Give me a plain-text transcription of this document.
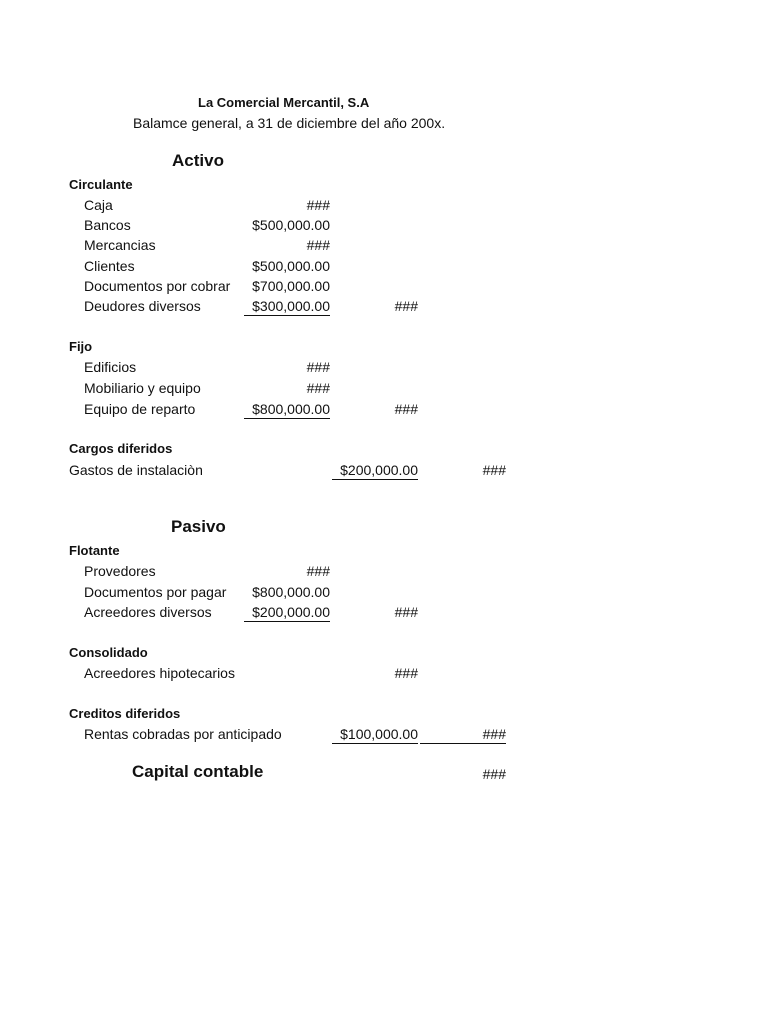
La Comercial Mercantil, S.A
Balamce general, a 31 de diciembre del año 200x.
Activo
Circulante
Caja	###
Bancos	$500,000.00
Mercancias	###
Clientes	$500,000.00
Documentos por cobrar	$700,000.00
Deudores diversos	$300,000.00	###
Fijo
Edificios	###
Mobiliario y equipo	###
Equipo de reparto	$800,000.00	###
Cargos diferidos
Gastos de instalaciòn	$200,000.00	###
Pasivo
Flotante
Provedores	###
Documentos por pagar	$800,000.00
Acreedores diversos	$200,000.00	###
Consolidado
Acreedores hipotecarios	###
Creditos diferidos
Rentas cobradas por anticipado	$100,000.00	###
Capital contable	###
